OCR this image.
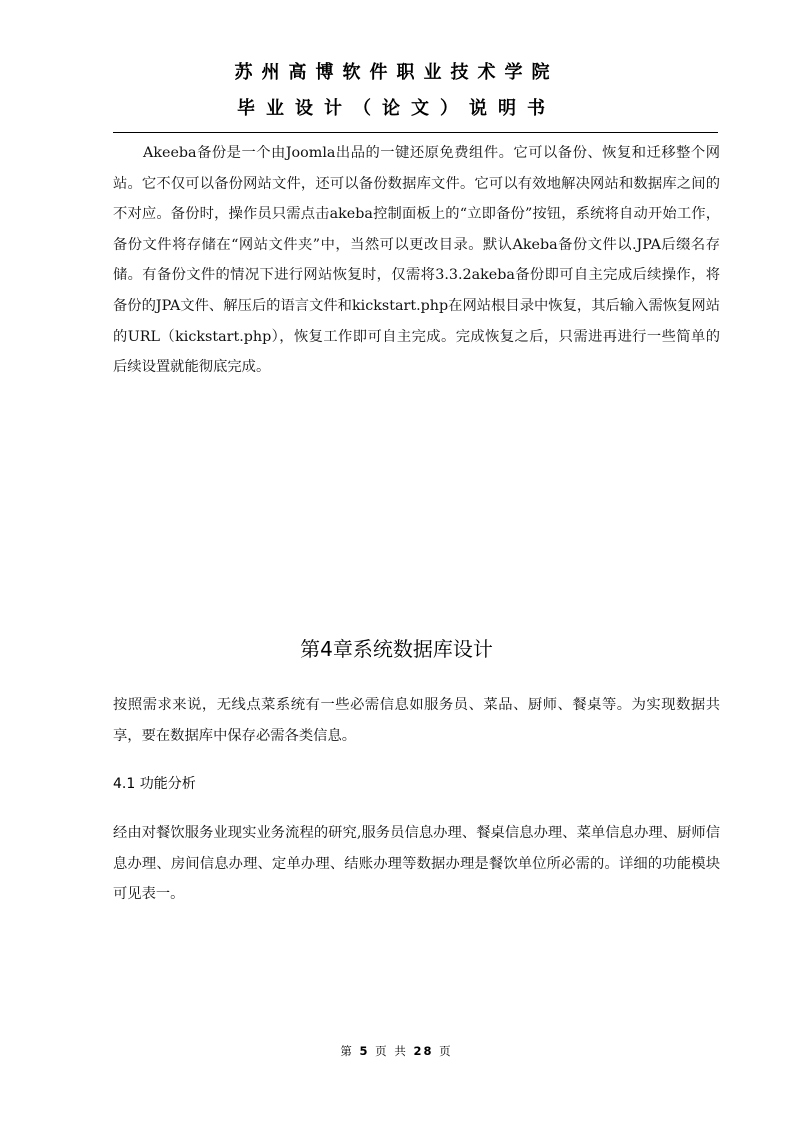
苏州高博软件职业技术学院
毕业设计（论文）说明书

Akeeba备份是一个由Joomla出品的一键还原免费组件。它可以备份、恢复和迁移整个网站。它不仅可以备份网站文件，还可以备份数据库文件。它可以有效地解决网站和数据库之间的不对应。备份时，操作员只需点击akeba控制面板上的“立即备份”按钮，系统将自动开始工作，备份文件将存储在“网站文件夹”中，当然可以更改目录。默认Akeba备份文件以.JPA后缀名存储。有备份文件的情况下进行网站恢复时，仅需将3.3.2akeba备份即可自主完成后续操作，将备份的JPA文件、解压后的语言文件和kickstart.php在网站根目录中恢复，其后输入需恢复网站的URL（kickstart.php），恢复工作即可自主完成。完成恢复之后，只需进再进行一些简单的后续设置就能彻底完成。

第4章系统数据库设计

按照需求来说，无线点菜系统有一些必需信息如服务员、菜品、厨师、餐桌等。为实现数据共享，要在数据库中保存必需各类信息。

4.1 功能分析

经由对餐饮服务业现实业务流程的研究,服务员信息办理、餐桌信息办理、菜单信息办理、厨师信息办理、房间信息办理、定单办理、结账办理等数据办理是餐饮单位所必需的。详细的功能模块可见表一。

第 5 页 共 28 页
